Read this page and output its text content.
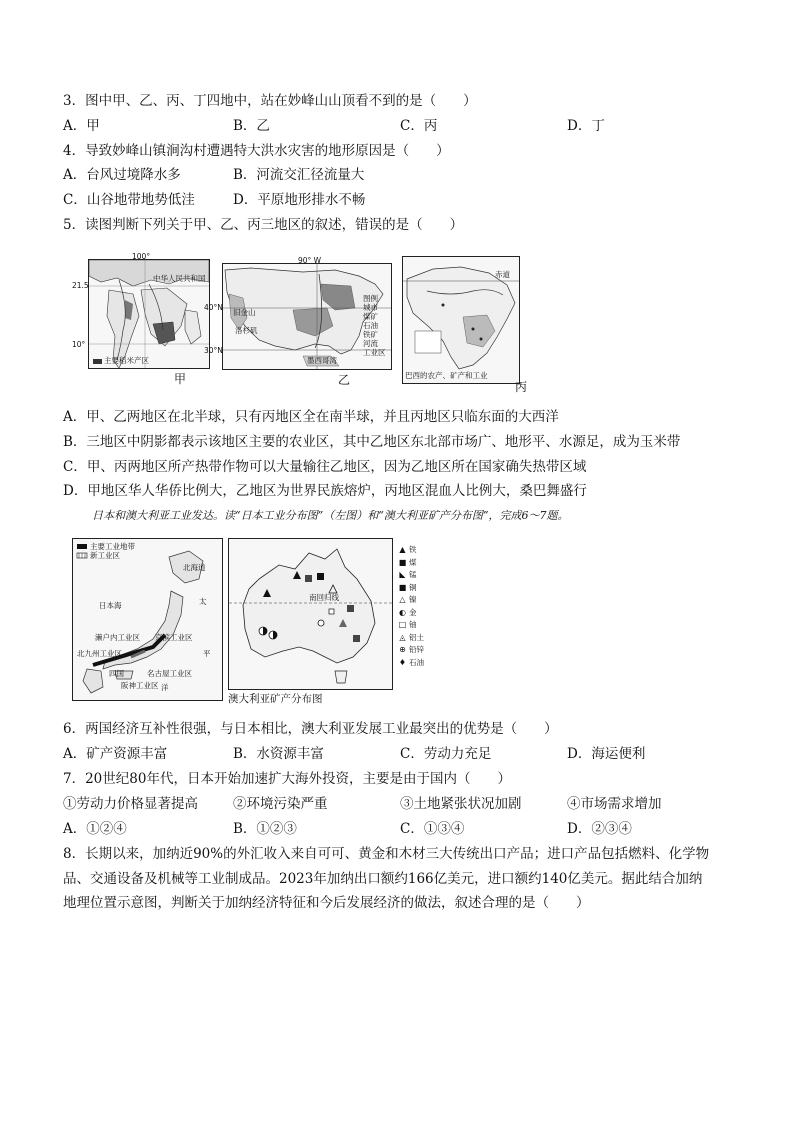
3．图中甲、乙、丙、丁四地中，站在妙峰山山顶看不到的是（　　）
A．甲	B．乙	C．丙	D．丁
4．导致妙峰山镇涧沟村遭遇特大洪水灾害的地形原因是（　　）
A．台风过境降水多	B．河流交汇径流量大
C．山谷地带地势低洼	D．平原地形排水不畅
5．读图判断下列关于甲、乙、丙三地区的叙述，错误的是（　　）
中华人民共和国
主要稻米产区
100°
21.5
10°
甲
旧金山
洛杉矶
墨西哥湾
图例
城市
煤矿
石油
铁矿
河流
工业区
90° W
40°N
30°N
乙
赤道
巴西的农产、矿产和工业
丙
A．甲、乙两地区在北半球，只有丙地区全在南半球，并且丙地区只临东面的大西洋
B．三地区中阴影都表示该地区主要的农业区，其中乙地区东北部市场广、地形平、水源足，成为玉米带
C．甲、丙两地区所产热带作物可以大量输往乙地区，因为乙地区所在国家确失热带区域
D．甲地区华人华侨比例大，乙地区为世界民族熔炉，丙地区混血人比例大，桑巴舞盛行
日本和澳大利亚工业发达。读“日本工业分布图”（左图）和“澳大利亚矿产分布图”，完成6～7题。
主要工业地带
新工业区
北海道
日本海	太
平
洋
濑户内工业区 京滨工业区
北九州工业区
名古屋工业区
阪神工业区
四国
南回归线
澳大利亚矿产分布图
▲ 铁
■ 煤
◣ 锰
■ 铜
△ 镍
◐ 金
□ 铀
◬ 铝土
⊕ 铅锌
♦ 石油
6．两国经济互补性很强，与日本相比，澳大利亚发展工业最突出的优势是（　　）
A．矿产资源丰富	B．水资源丰富	C．劳动力充足	D．海运便利
7．20世纪80年代，日本开始加速扩大海外投资，主要是由于国内（　　）
①劳动力价格显著提高	②环境污染严重	③土地紧张状况加剧	④市场需求增加
A．①②④	B．①②③	C．①③④	D．②③④
8．长期以来，加纳近90%的外汇收入来自可可、黄金和木材三大传统出口产品；进口产品包括燃料、化学物
品、交通设备及机械等工业制成品。2023年加纳出口额约166亿美元，进口额约140亿美元。据此结合加纳
地理位置示意图，判断关于加纳经济特征和今后发展经济的做法，叙述合理的是（　　）
